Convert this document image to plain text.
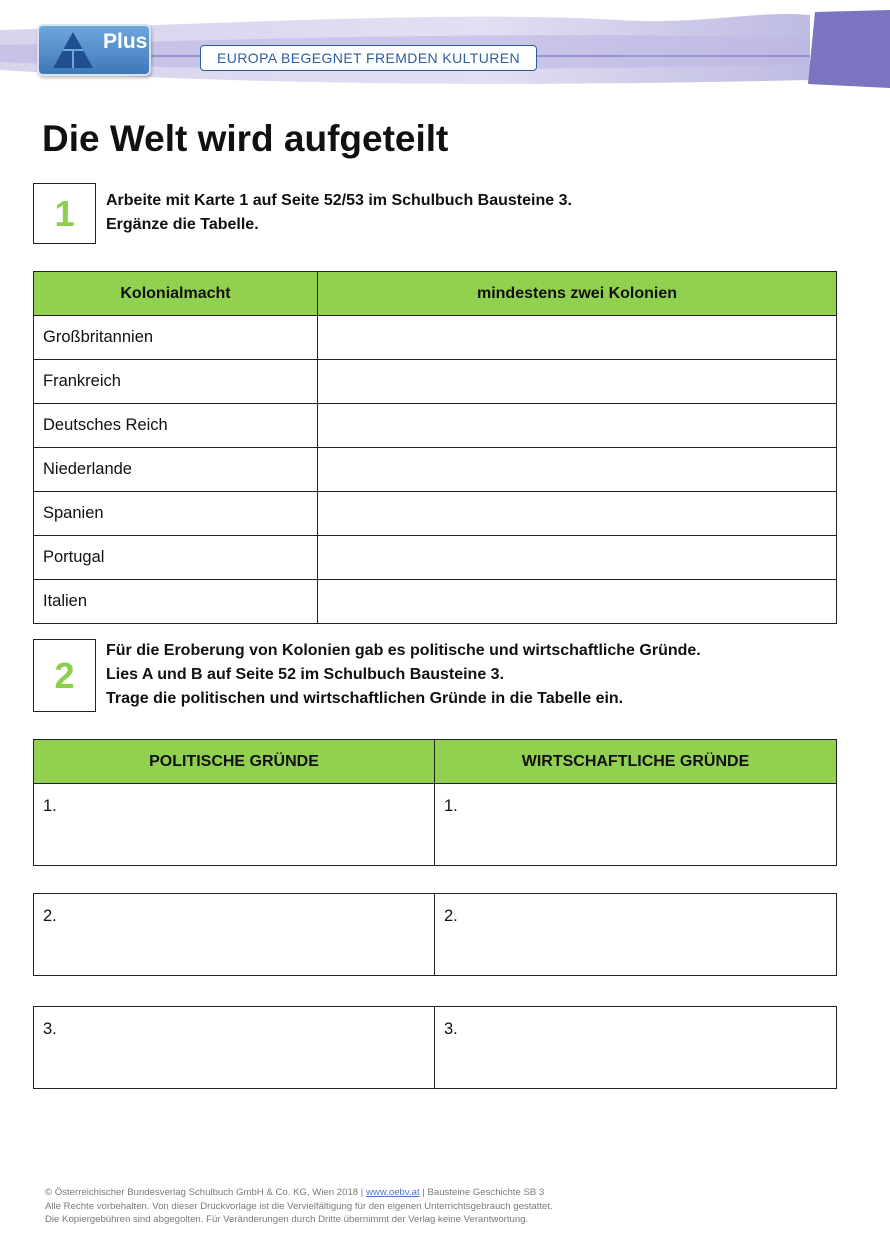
Plus
EUROPA BEGEGNET FREMDEN KULTUREN
Die Welt wird aufgeteilt
1	Arbeite mit Karte 1 auf Seite 52/53 im Schulbuch Bausteine 3.
Ergänze die Tabelle.
Kolonialmacht	mindestens zwei Kolonien
Großbritannien	
Frankreich	
Deutsches Reich	
Niederlande	
Spanien	
Portugal	
Italien	
2
Für die Eroberung von Kolonien gab es politische und wirtschaftliche Gründe.
Lies A und B auf Seite 52 im Schulbuch Bausteine 3.
Trage die politischen und wirtschaftlichen Gründe in die Tabelle ein.
POLITISCHE GRÜNDE	WIRTSCHAFTLICHE GRÜNDE
1.	1.
2.	2.
3.	3.
© Österreichischer Bundesverlag Schulbuch GmbH & Co. KG, Wien 2018 | www.oebv.at | Bausteine Geschichte SB 3
Alle Rechte vorbehalten. Von dieser Druckvorlage ist die Vervielfältigung für den eigenen Unterrichtsgebrauch gestattet.
Die Kopiergebühren sind abgegolten. Für Veränderungen durch Dritte übernimmt der Verlag keine Verantwortung.
